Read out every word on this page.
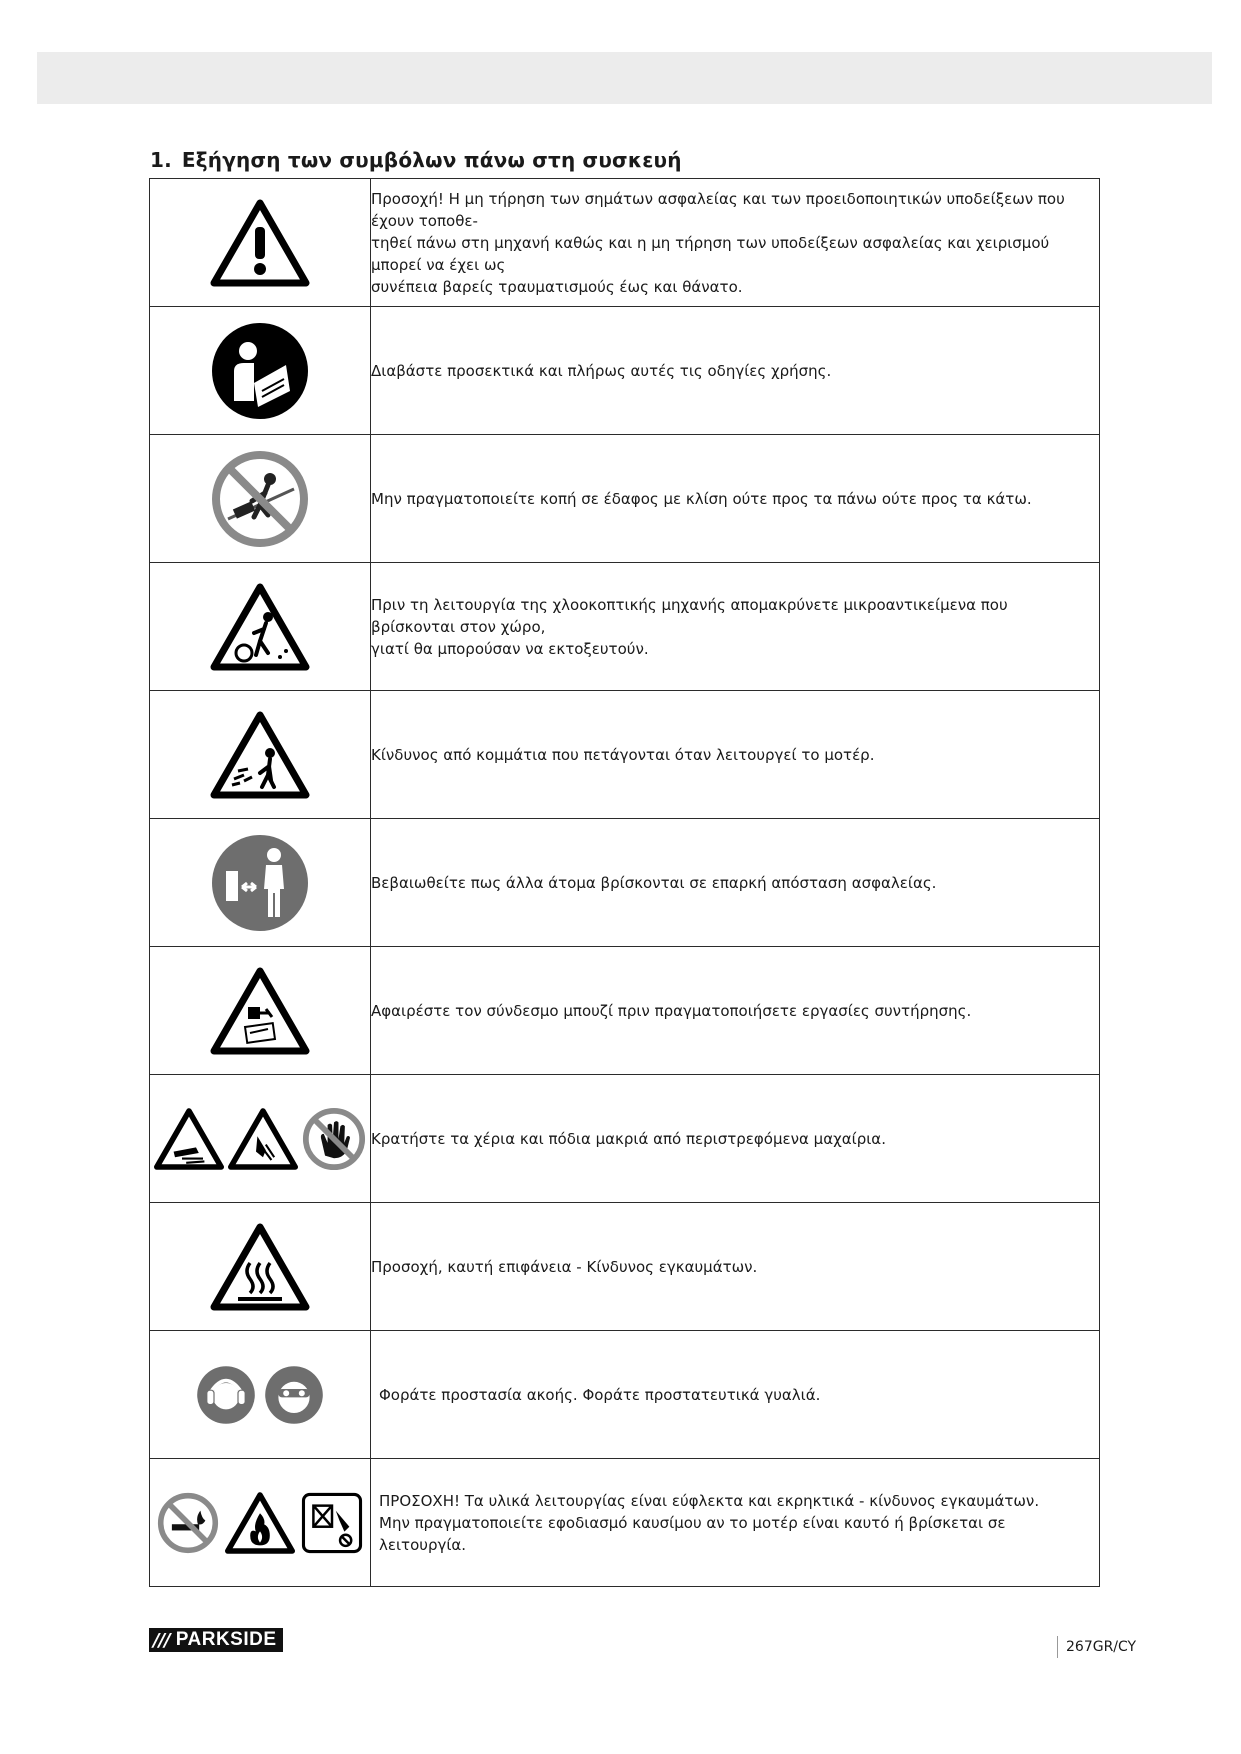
1. Εξήγηση των συμβόλων πάνω στη συσκευή

Προσοχή! Η μη τήρηση των σημάτων ασφαλείας και των προειδοποιητικών υποδείξεων που έχουν τοποθε-
τηθεί πάνω στη μηχανή καθώς και η μη τήρηση των υποδείξεων ασφαλείας και χειρισμού μπορεί να έχει ως
συνέπεια βαρείς τραυματισμούς έως και θάνατο.

Διαβάστε προσεκτικά και πλήρως αυτές τις οδηγίες χρήσης.

Μην πραγματοποιείτε κοπή σε έδαφος με κλίση ούτε προς τα πάνω ούτε προς τα κάτω.

Πριν τη λειτουργία της χλοοκοπτικής μηχανής απομακρύνετε μικροαντικείμενα που βρίσκονται στον χώρο,
γιατί θα μπορούσαν να εκτοξευτούν.

Κίνδυνος από κομμάτια που πετάγονται όταν λειτουργεί το μοτέρ.

Βεβαιωθείτε πως άλλα άτομα βρίσκονται σε επαρκή απόσταση ασφαλείας.

Αφαιρέστε τον σύνδεσμο μπουζί πριν πραγματοποιήσετε εργασίες συντήρησης.

Κρατήστε τα χέρια και πόδια μακριά από περιστρεφόμενα μαχαίρια.

Προσοχή, καυτή επιφάνεια - Κίνδυνος εγκαυμάτων.

Φοράτε προστασία ακοής. Φοράτε προστατευτικά γυαλιά.

ΠΡΟΣΟΧΗ! Τα υλικά λειτουργίας είναι εύφλεκτα και εκρηκτικά - κίνδυνος εγκαυμάτων.
Μην πραγματοποιείτε εφοδιασμό καυσίμου αν το μοτέρ είναι καυτό ή βρίσκεται σε λειτουργία.

/// PARKSIDE	267GR/CY
